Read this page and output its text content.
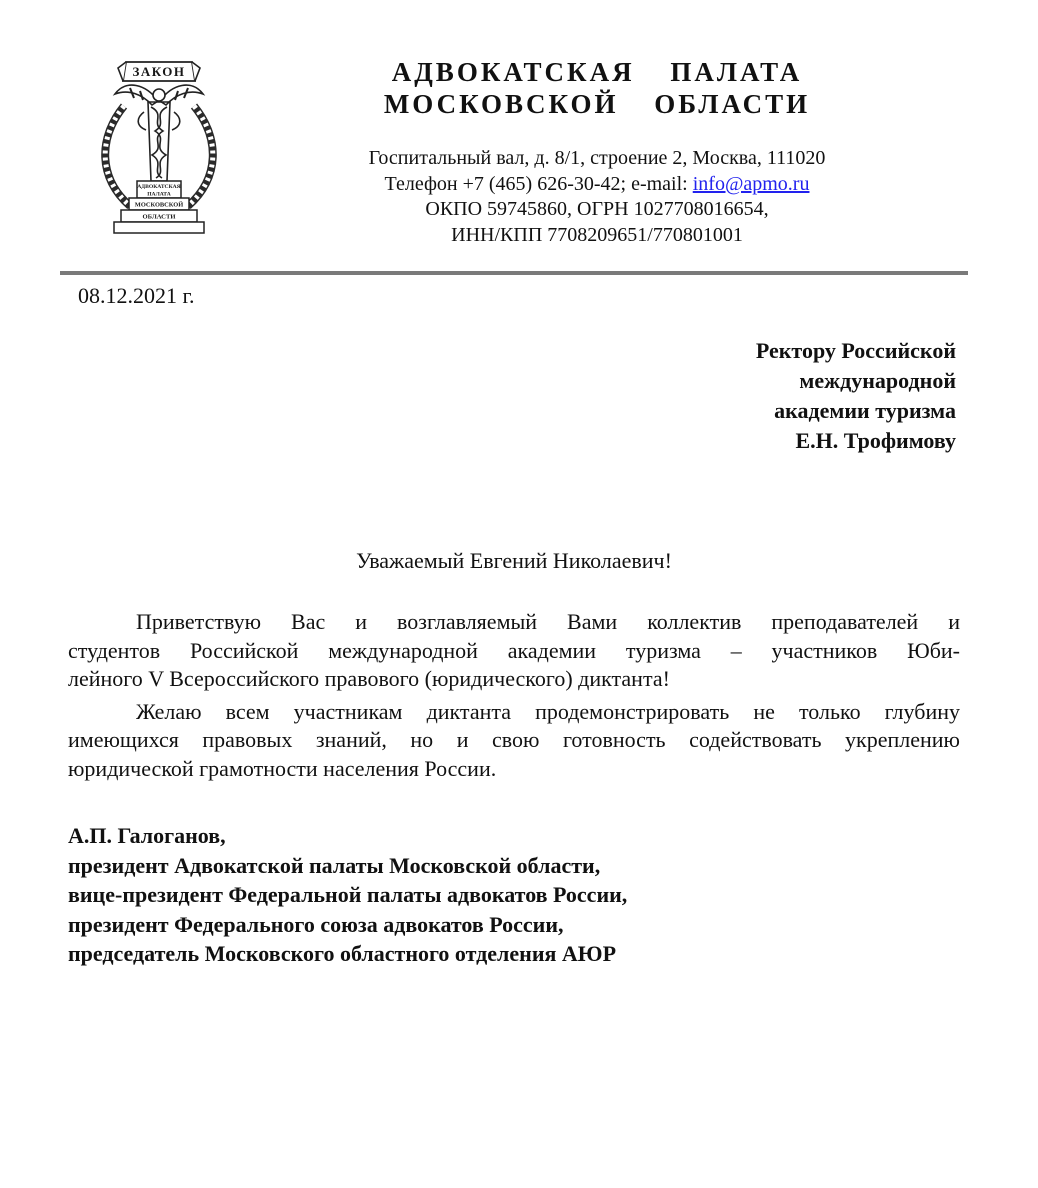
ЗАКОН
АДВОКАТСКАЯ
ПАЛАТА
МОСКОВСКОЙ
ОБЛАСТИ
АДВОКАТСКАЯ ПАЛАТА
МОСКОВСКОЙ ОБЛАСТИ
Госпитальный вал, д. 8/1, строение 2, Москва, 111020
Телефон +7 (465) 626-30-42; e-mail: info@apmo.ru
ОКПО 59745860, ОГРН 1027708016654,
ИНН/КПП 7708209651/770801001
08.12.2021 г.
Ректору Российской
международной
академии туризма
Е.Н. Трофимову
Уважаемый Евгений Николаевич!
Приветствую Вас и возглавляемый Вами коллектив преподавателей и
студентов Российской международной академии туризма – участников Юби-
лейного V Всероссийского правового (юридического) диктанта!
Желаю всем участникам диктанта продемонстрировать не только глубину
имеющихся правовых знаний, но и свою готовность содействовать укреплению
юридической грамотности населения России.
А.П. Галоганов,
президент Адвокатской палаты Московской области,
вице-президент Федеральной палаты адвокатов России,
президент Федерального союза адвокатов России,
председатель Московского областного отделения АЮР
